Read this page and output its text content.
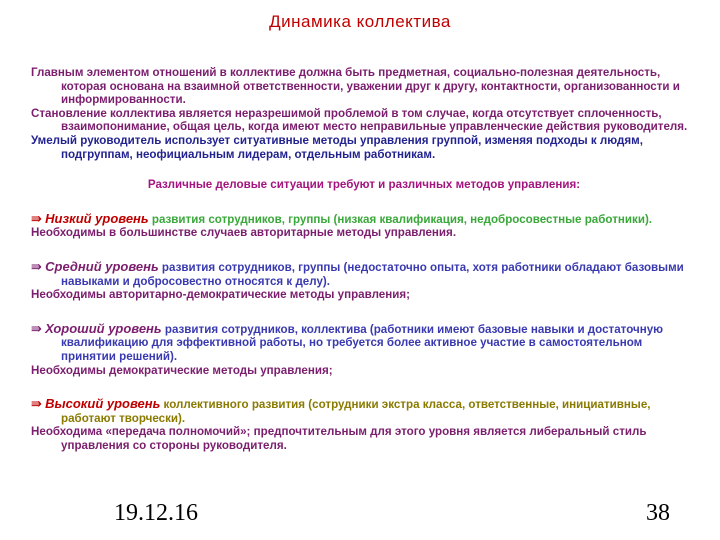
Динамика коллектива

Главным элементом отношений в коллективе должна быть предметная, социально-полезная деятельность, которая основана на взаимной ответственности, уважении друг к другу, контактности, организованности и информированности.

Становление коллектива является неразрешимой проблемой в том случае, когда отсутствует сплоченность, взаимопонимание, общая цель, когда имеют место неправильные управленческие действия руководителя.

Умелый руководитель использует ситуативные методы управления группой, изменяя подходы к людям, подгруппам, неофициальным лидерам, отдельным работникам.

Различные деловые ситуации требуют и различных методов управления:

⇛ Низкий уровень развития сотрудников, группы (низкая квалификация, недобросовестные работники).

Необходимы в большинстве случаев авторитарные методы управления.

⇛ Средний уровень развития сотрудников, группы (недостаточно опыта, хотя работники обладают базовыми навыками и добросовестно относятся к делу).

Необходимы авторитарно-демократические методы управления;

⇛ Хороший уровень развития сотрудников, коллектива (работники имеют базовые навыки и достаточную квалификацию для эффективной работы, но требуется более активное участие в самостоятельном принятии решений).

Необходимы демократические методы управления;

⇛ Высокий уровень коллективного развития (сотрудники экстра класса, ответственные, инициативные, работают творчески).

Необходима «передача полномочий»; предпочтительным для этого уровня является либеральный стиль управления со стороны руководителя.

19.12.16	38
